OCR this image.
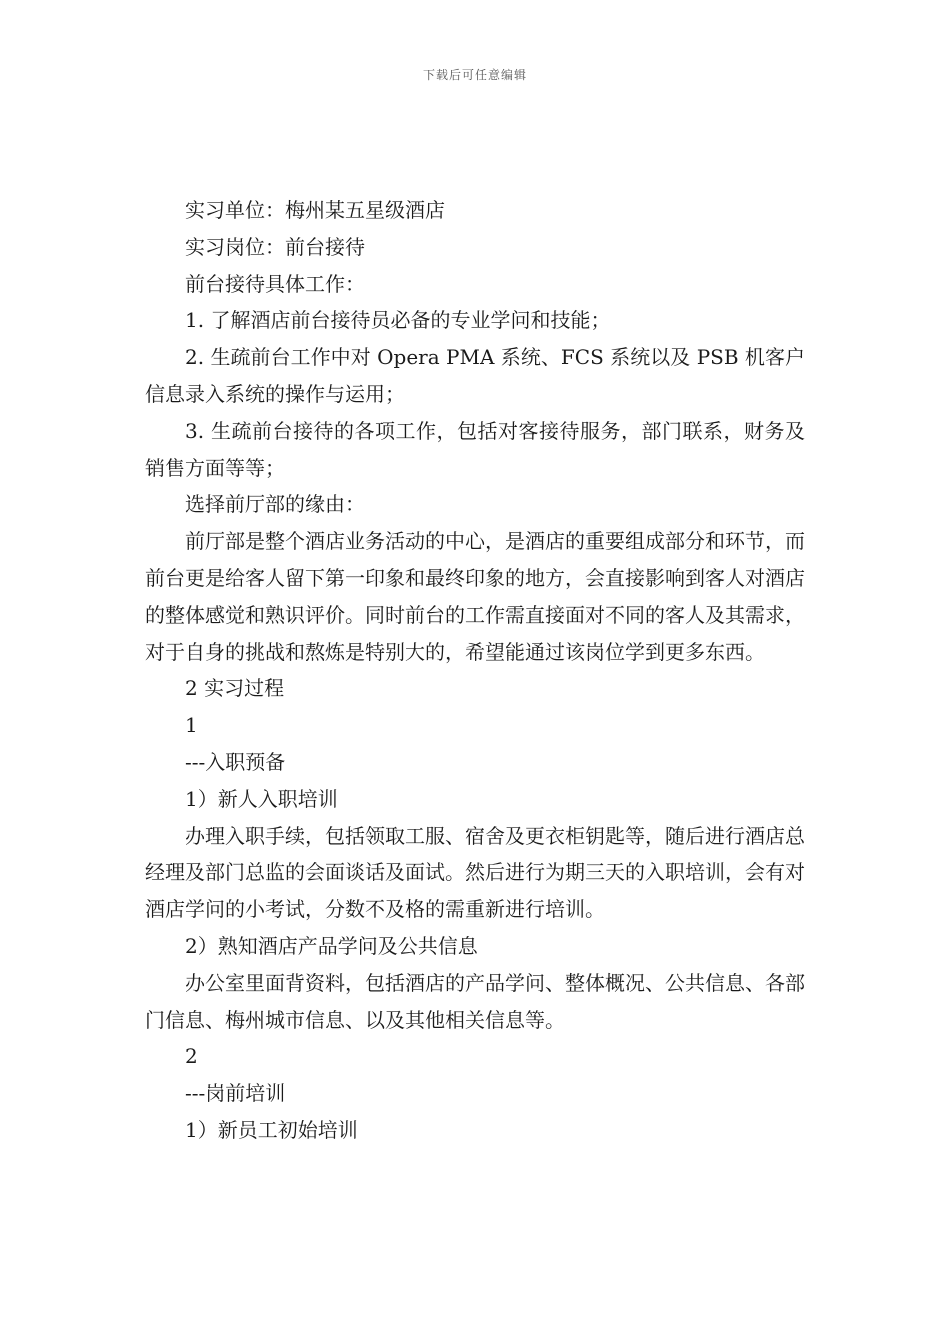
下载后可任意编辑

实习单位：梅州某五星级酒店

实习岗位：前台接待

前台接待具体工作：

1. 了解酒店前台接待员必备的专业学问和技能；

2. 生疏前台工作中对 Opera PMA 系统、FCS 系统以及 PSB 机客户信息录入系统的操作与运用；

3. 生疏前台接待的各项工作，包括对客接待服务，部门联系，财务及销售方面等等；

选择前厅部的缘由：

前厅部是整个酒店业务活动的中心，是酒店的重要组成部分和环节，而前台更是给客人留下第一印象和最终印象的地方，会直接影响到客人对酒店的整体感觉和熟识评价。同时前台的工作需直接面对不同的客人及其需求，对于自身的挑战和熬炼是特别大的，希望能通过该岗位学到更多东西。

2 实习过程

1

---入职预备

1）新人入职培训

办理入职手续，包括领取工服、宿舍及更衣柜钥匙等，随后进行酒店总经理及部门总监的会面谈话及面试。然后进行为期三天的入职培训，会有对酒店学问的小考试，分数不及格的需重新进行培训。

2）熟知酒店产品学问及公共信息

办公室里面背资料，包括酒店的产品学问、整体概况、公共信息、各部门信息、梅州城市信息、以及其他相关信息等。

2

---岗前培训

1）新员工初始培训
